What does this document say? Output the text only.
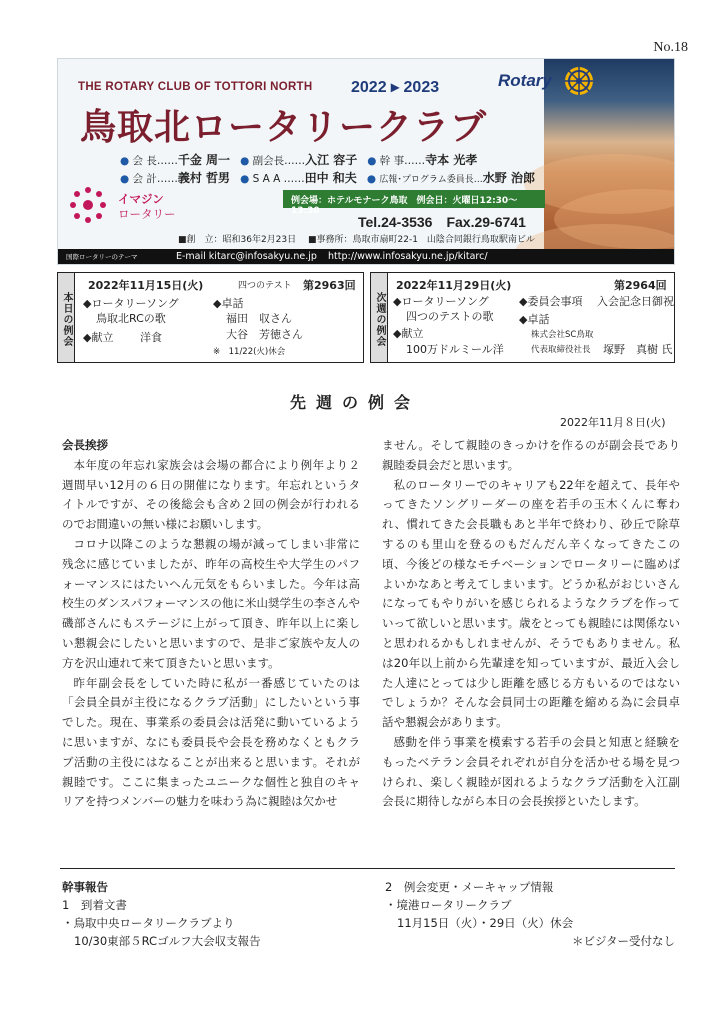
No.18
THE ROTARY CLUB OF TOTTORI NORTH 2022 ▸ 2023	Rotary
鳥取北ロータリークラブ
● 会 長……千金 周一 ● 副会長……入江 容子 ● 幹 事……寺本 光孝
● 会 計……義村 哲男 ● S A A ……田中 和夫 ● 広報･プログラム委員長…水野 治郎
イマジン
ロータリー
例会場：ホテルモナーク鳥取　例会日：火曜日12:30～13:30
Tel.24-3536　Fax.29-6741
■創　立：昭和36年2月23日 ■事務所：鳥取市扇町22-1　山陰合同銀行鳥取駅南ビル
国際ロータリーのテーマ	E-mail kitarc@infosakyu.ne.jp http://www.infosakyu.ne.jp/kitarc/
本日の例会
2022年11月15日(火)	四つのテスト 第2963回
◆ロータリーソング
鳥取北RCの歌
◆献立 洋食
◆卓話
福田　収さん
大谷　芳徳さん
※　11/22(火)休会
次週の例会
2022年11月29日(火)	第2964回
◆ロータリーソング
四つのテストの歌
◆献立
100万ドルミール洋
◆委員会事項 入会記念日御祝
◆卓話
株式会社SC鳥取
代表取締役社長 塚野　真樹 氏
先週の例会
2022年11月８日(火)

会長挨拶

本年度の年忘れ家族会は会場の都合により例年より２週間早い12月の６日の開催になります。年忘れというタイトルですが、その後総会も含め２回の例会が行われるのでお間違いの無い様にお願いします。

コロナ以降このような懇親の場が減ってしまい非常に残念に感じていましたが、昨年の高校生や大学生のパフォーマンスにはたいへん元気をもらいました。今年は高校生のダンスパフォーマンスの他に米山奨学生の李さんや磯部さんにもステージに上がって頂き、昨年以上に楽しい懇親会にしたいと思いますので、是非ご家族や友人の方を沢山連れて来て頂きたいと思います。

昨年副会長をしていた時に私が一番感じていたのは「会員全員が主役になるクラブ活動」にしたいという事でした。現在、事業系の委員会は活発に動いているように思いますが、なにも委員長や会長を務めなくともクラブ活動の主役にはなることが出来ると思います。それが親睦です。ここに集まったユニークな個性と独自のキャリアを持つメンバーの魅力を味わう為に親睦は欠かせ

ません。そして親睦のきっかけを作るのが副会長であり親睦委員会だと思います。

私のロータリーでのキャリアも22年を超えて、長年やってきたソングリーダーの座を若手の玉木くんに奪われ、慣れてきた会長職もあと半年で終わり、砂丘で除草するのも里山を登るのもだんだん辛くなってきたこの頃、今後どの様なモチベーションでロータリーに臨めばよいかなあと考えてしまいます。どうか私がおじいさんになってもやりがいを感じられるようなクラブを作っていって欲しいと思います。歳をとっても親睦には関係ないと思われるかもしれませんが、そうでもありません。私は20年以上前から先輩達を知っていますが、最近入会した人達にとっては少し距離を感じる方もいるのではないでしょうか？そんな会員同士の距離を縮める為に会員卓話や懇親会があります。

感動を伴う事業を模索する若手の会員と知恵と経験をもったベテラン会員それぞれが自分を活かせる場を見つけられ、楽しく親睦が図れるようなクラブ活動を入江副会長に期待しながら本日の会長挨拶といたします。

幹事報告
1　到着文書
・鳥取中央ロータリークラブより
10/30東部５RCゴルフ大会収支報告
2　例会変更・メーキャップ情報
・境港ロータリークラブ
11月15日（火）・29日（火）休会
＊ビジター受付なし
